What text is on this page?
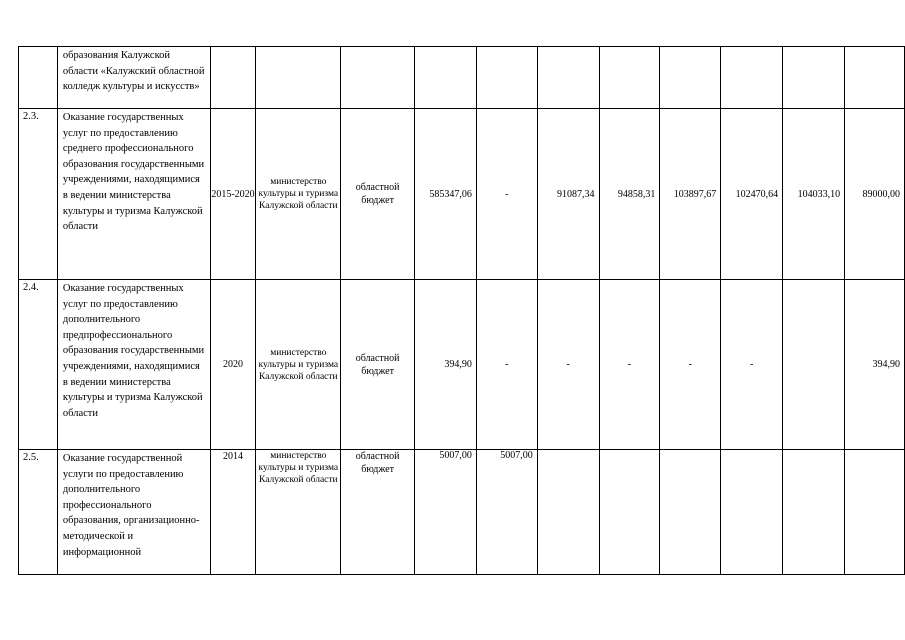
	образования Калужской области «Калужский областной колледж культуры и искусств»											
2.3.	Оказание государственных услуг по предоставлению среднего профессионального образования государственными учреждениями, находящимися в ведении министерства культуры и туризма Калужской области	2015-2020	министерство культуры и туризма Калужской области	областной бюджет	585347,06	-	91087,34	94858,31	103897,67	102470,64	104033,10	89000,00
2.4.	Оказание государственных услуг по предоставлению дополнительного предпрофессионального образования государственными учреждениями, находящимися в ведении министерства культуры и туризма Калужской области	2020	министерство культуры и туризма Калужской области	областной бюджет	394,90	-	-	-	-	-		394,90
2.5.	Оказание государственной услуги по предоставлению дополнительного профессионального образования, организационно-методической и информационной	2014	министерство культуры и туризма Калужской области	областной бюджет	5007,00	5007,00						
